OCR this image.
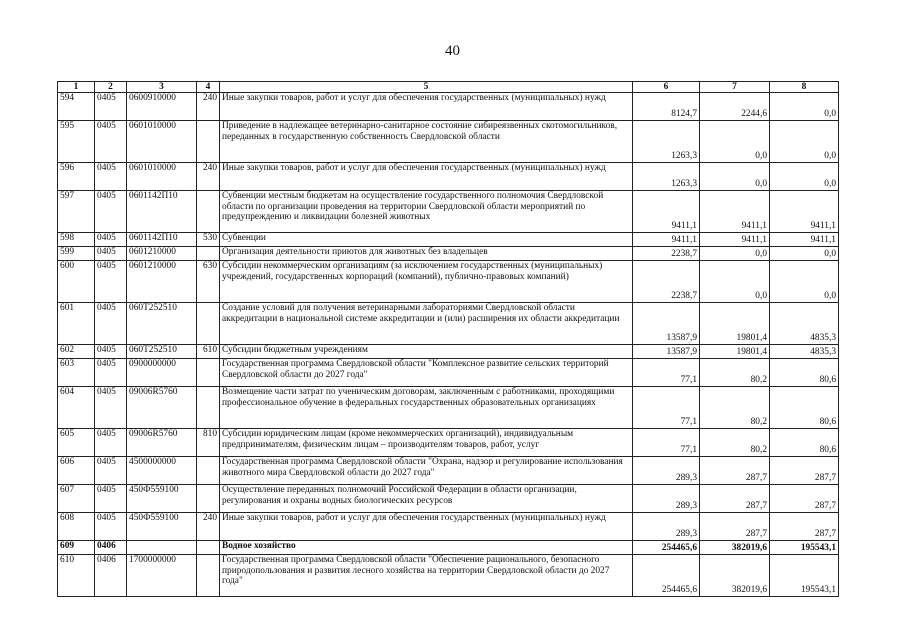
40
1	2	3	4	5	6	7	8
594	0405	0600910000	240	Иные закупки товаров, работ и услуг для обеспечения государственных (муниципальных) нужд	8124,7	2244,6	0,0
595	0405	0601010000		Приведение в надлежащее ветеринарно-санитарное состояние сибиреязвенных скотомогильников, переданных в государственную собственность Свердловской области	1263,3	0,0	0,0
596	0405	0601010000	240	Иные закупки товаров, работ и услуг для обеспечения государственных (муниципальных) нужд	1263,3	0,0	0,0
597	0405	0601142П10		Субвенции местным бюджетам на осуществление государственного полномочия Свердловской области по организации проведения на территории Свердловской области мероприятий по предупреждению и ликвидации болезней животных	9411,1	9411,1	9411,1
598	0405	0601142П10	530	Субвенции	9411,1	9411,1	9411,1
599	0405	0601210000		Организация деятельности приютов для животных без владельцев	2238,7	0,0	0,0
600	0405	0601210000	630	Субсидии некоммерческим организациям (за исключением государственных (муниципальных) учреждений, государственных корпораций (компаний), публично-правовых компаний)	2238,7	0,0	0,0
601	0405	060Т252510		Создание условий для получения ветеринарными лабораториями Свердловской области аккредитации в национальной системе аккредитации и (или) расширения их области аккредитации	13587,9	19801,4	4835,3
602	0405	060Т252510	610	Субсидии бюджетным учреждениям	13587,9	19801,4	4835,3
603	0405	0900000000		Государственная программа Свердловской области "Комплексное развитие сельских территорий Свердловской области до 2027 года"	77,1	80,2	80,6
604	0405	09006R5760		Возмещение части затрат по ученическим договорам, заключенным с работниками, проходящими профессиональное обучение в федеральных государственных образовательных организациях	77,1	80,2	80,6
605	0405	09006R5760	810	Субсидии юридическим лицам (кроме некоммерческих организаций), индивидуальным предпринимателям, физическим лицам – производителям товаров, работ, услуг	77,1	80,2	80,6
606	0405	4500000000		Государственная программа Свердловской области "Охрана, надзор и регулирование использования животного мира Свердловской области до 2027 года"	289,3	287,7	287,7
607	0405	450Ф559100		Осуществление переданных полномочий Российской Федерации в области организации, регулирования и охраны водных биологических ресурсов	289,3	287,7	287,7
608	0405	450Ф559100	240	Иные закупки товаров, работ и услуг для обеспечения государственных (муниципальных) нужд	289,3	287,7	287,7
609	0406			Водное хозяйство	254465,6	382019,6	195543,1
610	0406	1700000000		Государственная программа Свердловской области "Обеспечение рационального, безопасного природопользования и развития лесного хозяйства на территории Свердловской области до 2027 года"	254465,6	382019,6	195543,1
